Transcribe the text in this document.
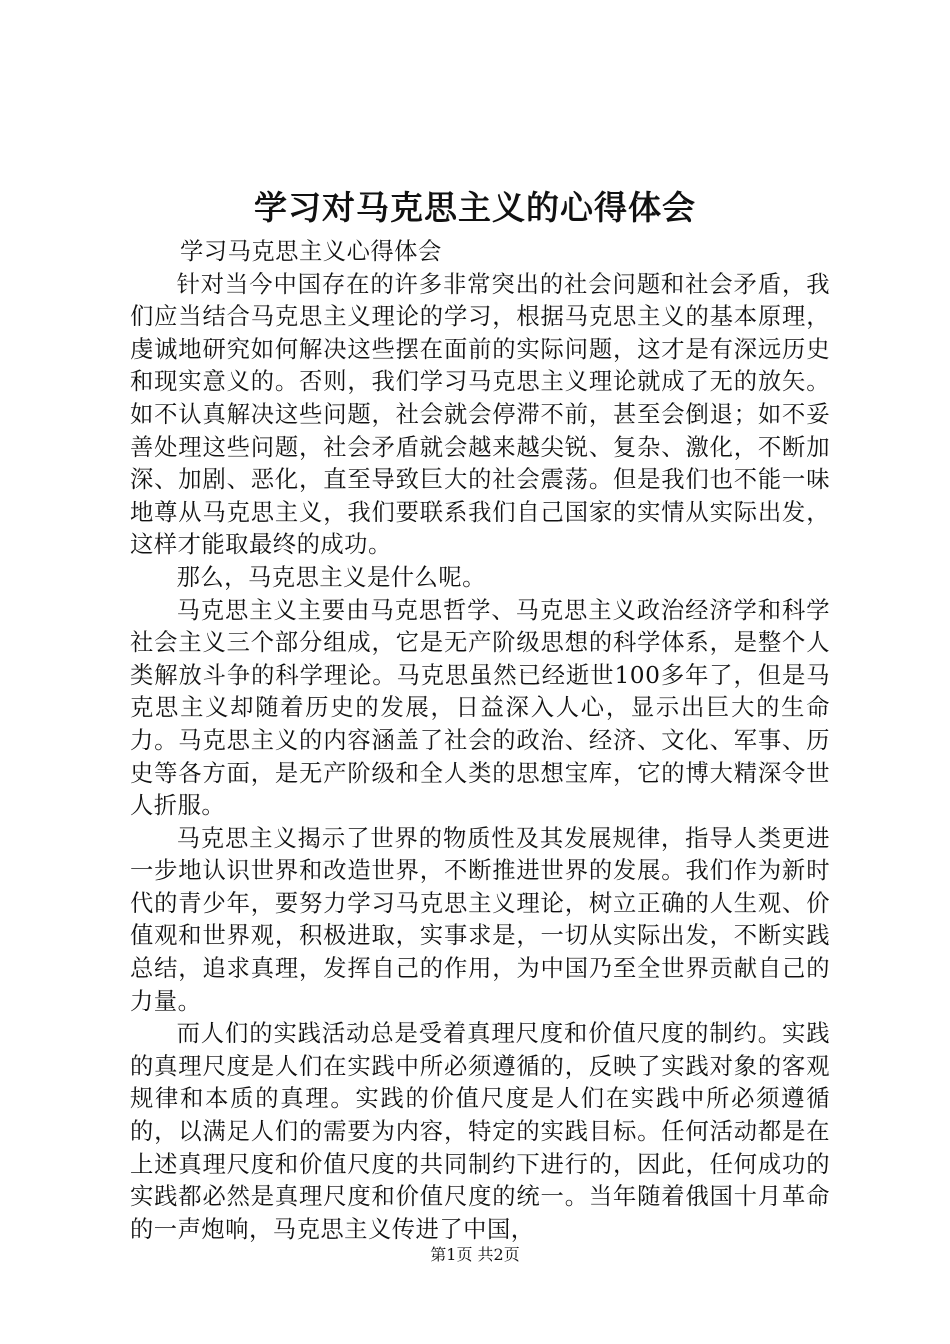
学习对马克思主义的心得体会
学习马克思主义心得体会

针对当今中国存在的许多非常突出的社会问题和社会矛盾，我们应当结合马克思主义理论的学习，根据马克思主义的基本原理，虔诚地研究如何解决这些摆在面前的实际问题，这才是有深远历史和现实意义的。否则，我们学习马克思主义理论就成了无的放矢。如不认真解决这些问题，社会就会停滞不前，甚至会倒退；如不妥善处理这些问题，社会矛盾就会越来越尖锐、复杂、激化，不断加深、加剧、恶化，直至导致巨大的社会震荡。但是我们也不能一味地尊从马克思主义，我们要联系我们自己国家的实情从实际出发，这样才能取最终的成功。

那么，马克思主义是什么呢。

马克思主义主要由马克思哲学、马克思主义政治经济学和科学社会主义三个部分组成，它是无产阶级思想的科学体系，是整个人类解放斗争的科学理论。马克思虽然已经逝世100多年了，但是马克思主义却随着历史的发展，日益深入人心，显示出巨大的生命力。马克思主义的内容涵盖了社会的政治、经济、文化、军事、历史等各方面，是无产阶级和全人类的思想宝库，它的博大精深令世人折服。

马克思主义揭示了世界的物质性及其发展规律，指导人类更进一步地认识世界和改造世界，不断推进世界的发展。我们作为新时代的青少年，要努力学习马克思主义理论，树立正确的人生观、价值观和世界观，积极进取，实事求是，一切从实际出发，不断实践总结，追求真理，发挥自己的作用，为中国乃至全世界贡献自己的力量。

而人们的实践活动总是受着真理尺度和价值尺度的制约。实践的真理尺度是人们在实践中所必须遵循的，反映了实践对象的客观规律和本质的真理。实践的价值尺度是人们在实践中所必须遵循的，以满足人们的需要为内容，特定的实践目标。任何活动都是在上述真理尺度和价值尺度的共同制约下进行的，因此，任何成功的实践都必然是真理尺度和价值尺度的统一。当年随着俄国十月革命的一声炮响，马克思主义传进了中国，

第1页 共2页
